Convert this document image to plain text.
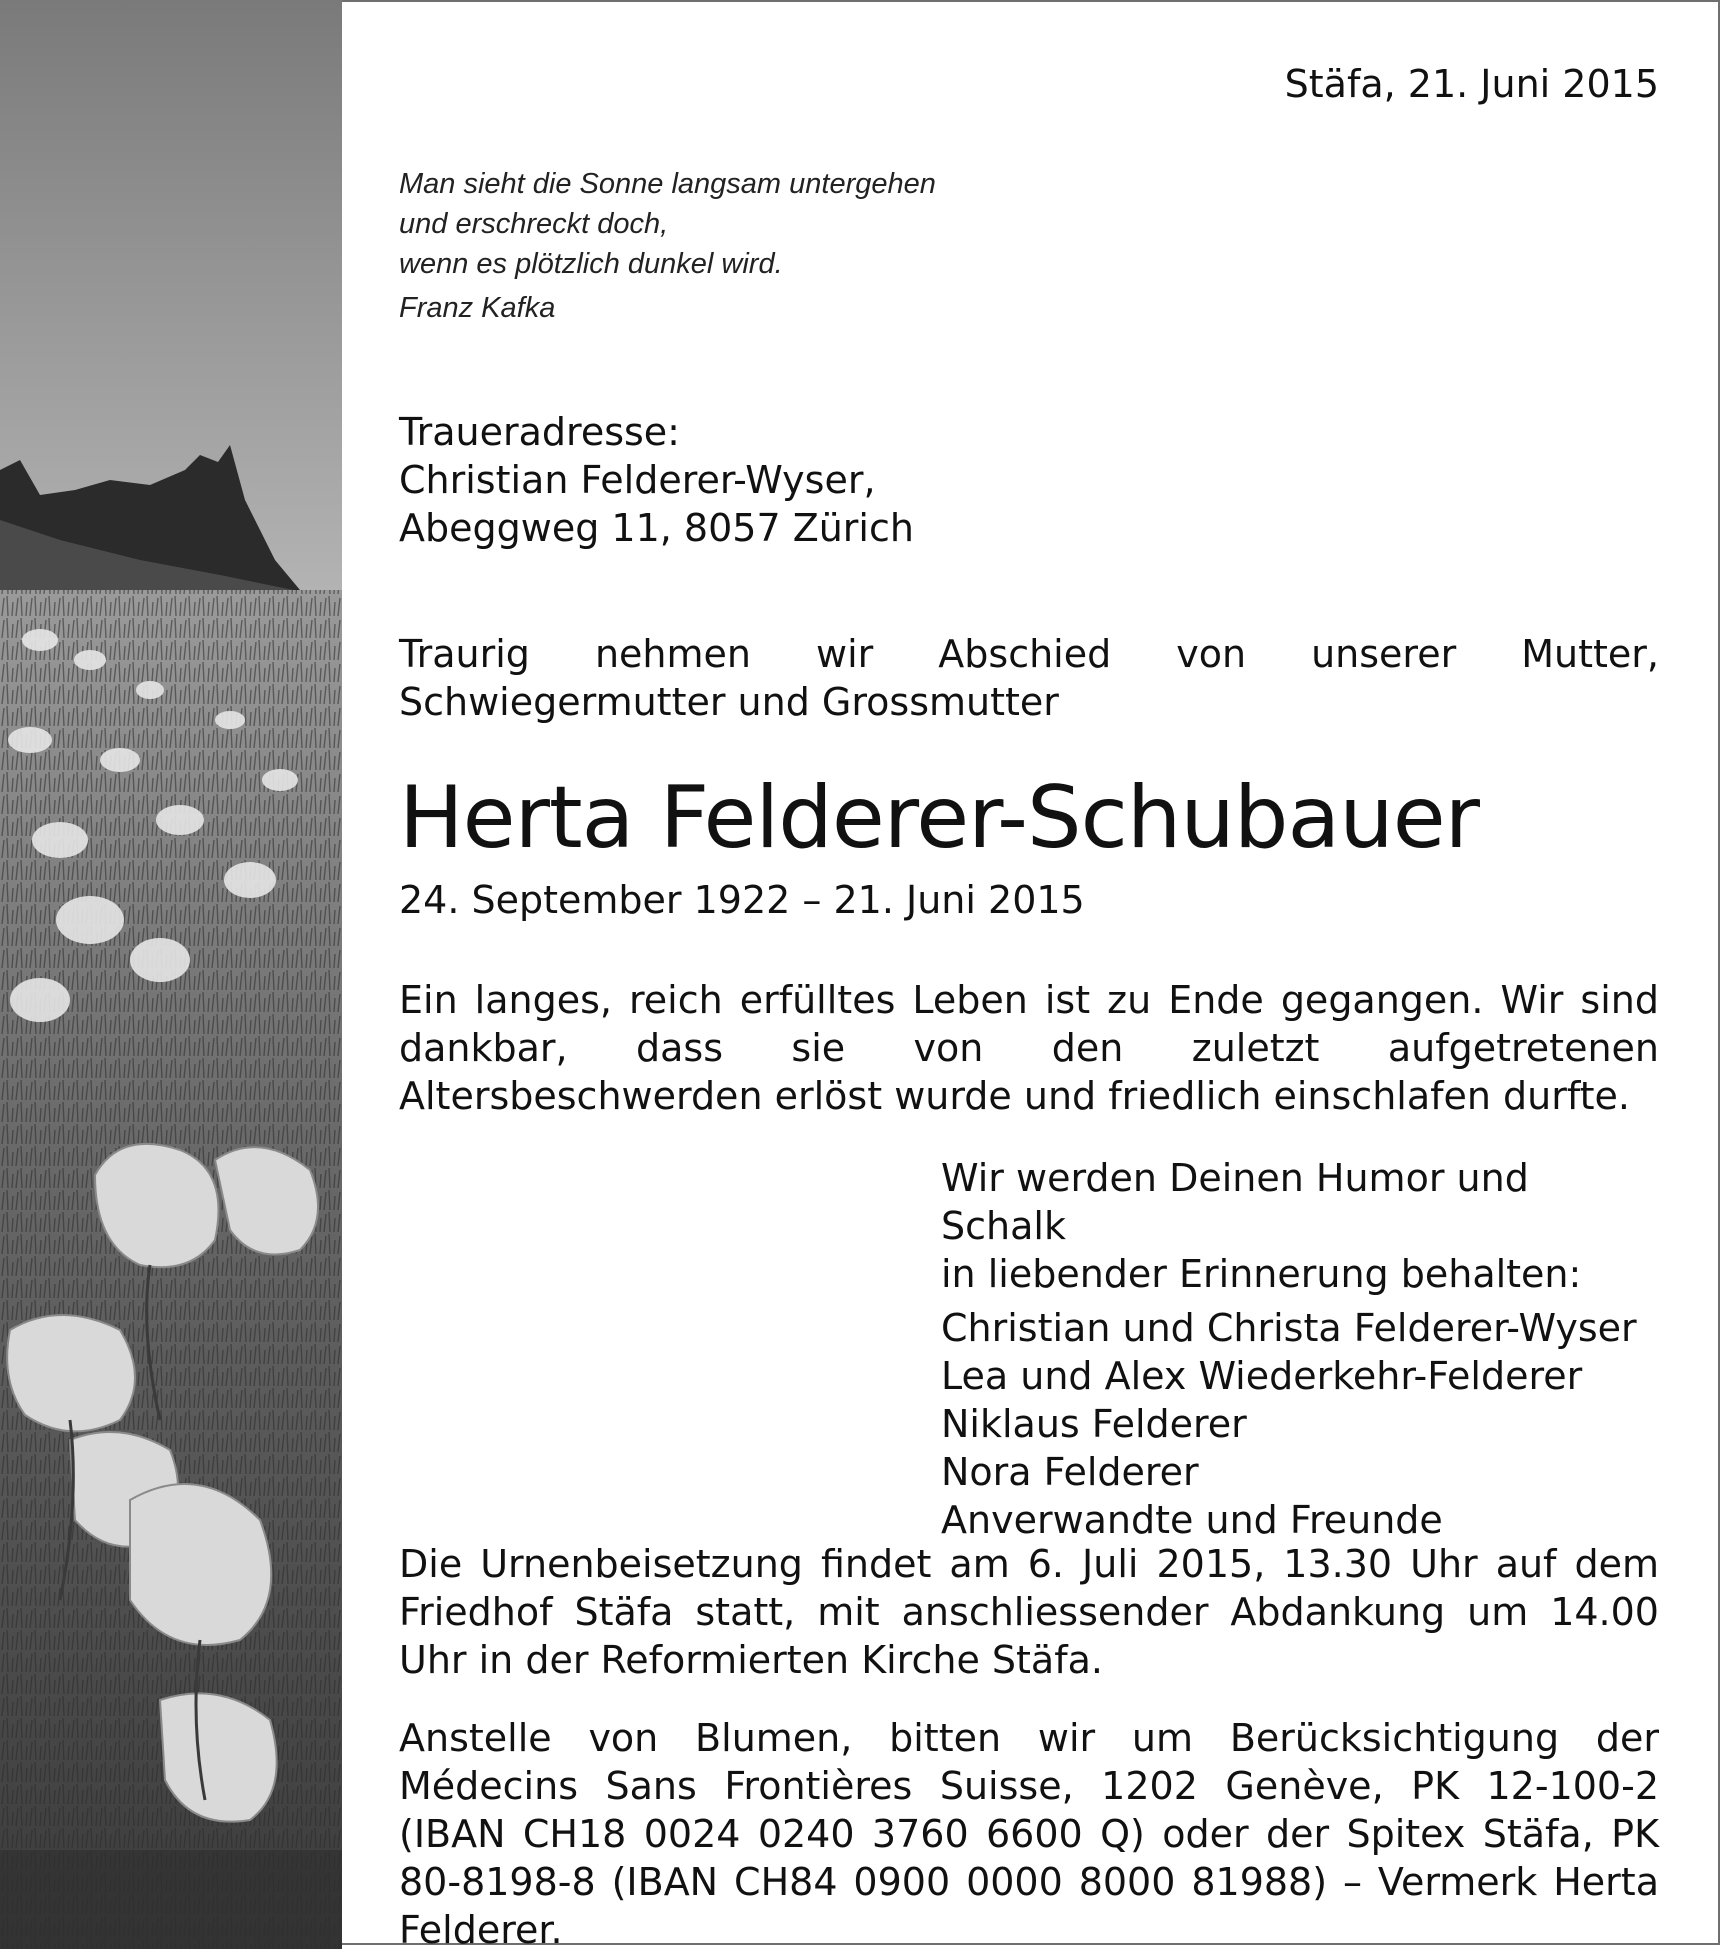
Stäfa, 21. Juni 2015
Man sieht die Sonne langsam untergehen
und erschreckt doch,
wenn es plötzlich dunkel wird.
Franz Kafka
Traueradresse:
Christian Felderer-Wyser,
Abeggweg 11, 8057 Zürich
Traurig nehmen wir Abschied von unserer Mutter, Schwiegermutter und Grossmutter
Herta Felderer-Schubauer
24. September 1922 – 21. Juni 2015
Ein langes, reich erfülltes Leben ist zu Ende gegangen. Wir sind dankbar, dass sie von den zuletzt aufgetretenen Altersbeschwerden erlöst wurde und friedlich einschlafen durfte.
Wir werden Deinen Humor und Schalk
in liebender Erinnerung behalten:
Christian und Christa Felderer-Wyser
Lea und Alex Wiederkehr-Felderer
Niklaus Felderer
Nora Felderer
Anverwandte und Freunde
Die Urnenbeisetzung findet am 6. Juli 2015, 13.30 Uhr auf dem Friedhof Stäfa statt, mit anschliessender Abdankung um 14.00 Uhr in der Reformierten Kirche Stäfa.
Anstelle von Blumen, bitten wir um Berücksichtigung der Médecins Sans Frontières Suisse, 1202 Genève, PK 12-100-2 (IBAN CH18 0024 0240 3760 6600 Q) oder der Spitex Stäfa, PK 80-8198-8 (IBAN CH84 0900 0000 8000 81988) – Vermerk Herta Felderer.
